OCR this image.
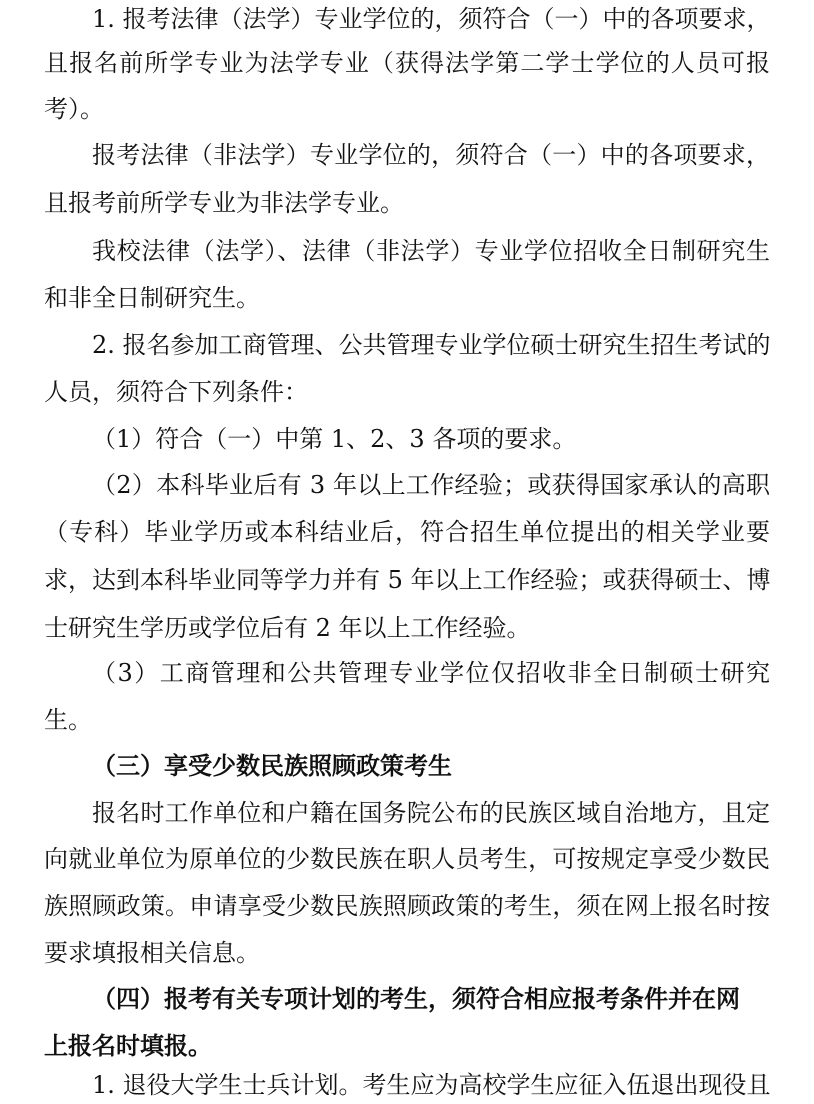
1. 报考法律（法学）专业学位的，须符合（一）中的各项要求，
且报名前所学专业为法学专业（获得法学第二学士学位的人员可报
考）。
报考法律（非法学）专业学位的，须符合（一）中的各项要求，
且报考前所学专业为非法学专业。
我校法律（法学）、法律（非法学）专业学位招收全日制研究生
和非全日制研究生。
2. 报名参加工商管理、公共管理专业学位硕士研究生招生考试的
人员，须符合下列条件：
（1）符合（一）中第 1、2、3 各项的要求。
（2）本科毕业后有 3 年以上工作经验；或获得国家承认的高职
（专科）毕业学历或本科结业后，符合招生单位提出的相关学业要
求，达到本科毕业同等学力并有 5 年以上工作经验；或获得硕士、博
士研究生学历或学位后有 2 年以上工作经验。
（3）工商管理和公共管理专业学位仅招收非全日制硕士研究
生。
（三）享受少数民族照顾政策考生
报名时工作单位和户籍在国务院公布的民族区域自治地方，且定
向就业单位为原单位的少数民族在职人员考生，可按规定享受少数民
族照顾政策。申请享受少数民族照顾政策的考生，须在网上报名时按
要求填报相关信息。
（四）报考有关专项计划的考生，须符合相应报考条件并在网
上报名时填报。
1. 退役大学生士兵计划。考生应为高校学生应征入伍退出现役且
